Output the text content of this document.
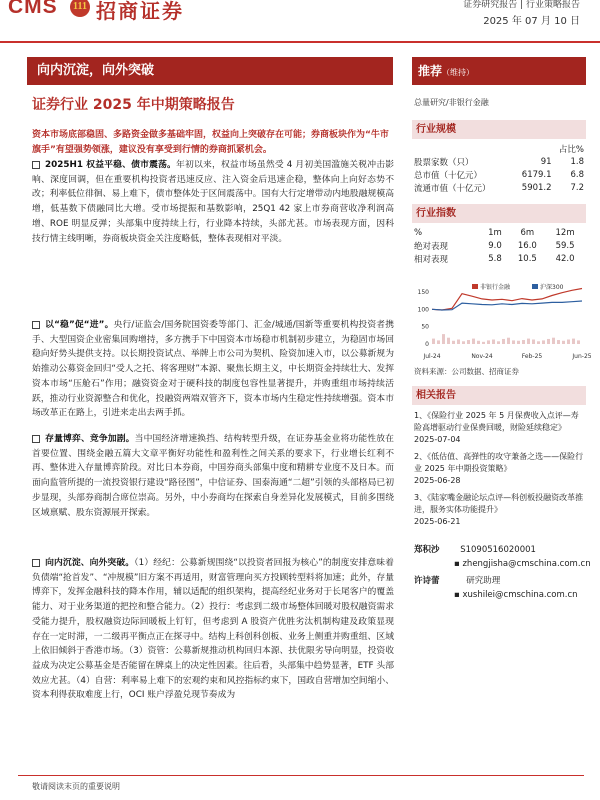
CMS	111 招商证券	证券研究报告 | 行业策略报告
2025 年 07 月 10 日
向内沉淀，向外突破
证券行业 2025 年中期策略报告
资本市场底部稳固、多路资金做多基础牢固，权益向上突破存在可能；券商板块作为“牛市旗手”有望强势领涨，建议没有享受到行情的券商抓紧机会。
2025H1 权益平稳、债市震荡。年初以来，权益市场虽然受 4 月初美国滥施关税冲击影响、深度回调，但在重要机构投资者迅速反应、注入资金后迅速企稳，整体向上向好态势不改；利率低位徘徊、易上难下，债市整体处于区间震荡中。国有大行定增带动内地股融规模高增，低基数下债融同比大增。受市场提振和基数影响，25Q1 42 家上市券商营收净利润高增、ROE 明显反弹；头部集中度持续上行，行业降本持续，头部尤甚。市场表现方面，因科技行情主线明晰，券商板块资金关注度略低，整体表现相对平淡。
以“稳”促“进”。央行/证监会/国务院国资委等部门、汇金/城通/国新等重要机构投资者携手、大型国资企业密集回购增持，多方携手下中国资本市场稳市机制初步建立，为稳固市场回稳向好势头提供支持。以长期投资试点、举牌上市公司为契机、险资加速入市，以公募新规为始推动公募资金回归“受人之托、将客理财”本源、聚焦长期主义，中长期资金持续壮大、发挥资本市场“压舱石”作用；融资资金对于硬科技的制度包容性显著提升，并购重组市场持续活跃，推动行业资源整合和优化，投融资两端双管齐下，资本市场内生稳定性持续增强。资本市场改革正在路上，引进来走出去两手抓。
存量博弈、竞争加剧。当中国经济增速换挡、结构转型升级，在证券基金业将功能性放在首要位置、围绕金融五篇大文章平衡好功能性和盈利性之间关系的要求下，行业增长红利不再、整体进入存量博弈阶段。对比日本券商，中国券商头部集中度和精耕专业度不及日本。而面向监管所提的一流投资银行建设“路径图”，中信证券、国泰海通“二超”引领的头部格局已初步显现，头部券商制合席位崇高。另外，中小券商均在探索自身差异化发展模式，目前多围绕区域禀赋、股东资源展开探索。
向内沉淀、向外突破。（1）经纪：公募新规围绕“以投资者回报为核心”的制度安排意味着负债端“抢首发”、“冲规模”旧方案不再适用，财富管理向买方投顾转型料将加速；此外，存量博弈下，发挥金融科技的降本作用，辅以适配的组织架构，提高经纪业务对于长尾客户的覆盖能力、对于业务渠道的把控和整合能力。（2）投行：考虑到二级市场整体回暖对股权融资需求受能力提升，股权融资边际回暖板上钉钉，但考虑到 A 股资产优胜劣汰机制构建及政策显现存在一定时滞，一二级再平衡点正在探寻中。结构上科创科创板、业务上侧重并购重组、区域上依旧倾斜于香港市场。（3）资管：公募新规推动机构回归本源、扶优限劣导向明显，投资收益成为决定公募基金是否能留在牌桌上的决定性因素。往后看，头部集中趋势显著，ETF 头部效应尤甚。（4）自营：利率易上难下的宏观约束和风控指标约束下，国政自营增加空间缩小、资本利得获取难度上行，OCI 账户浮盈兑现节奏成为
推荐（维持）
总量研究/非银行金融
行业规模
		占比%
股票家数（只）	91	1.8
总市值（十亿元）	6179.1	6.8
流通市值（十亿元）	5901.2	7.2
行业指数
%	1m	6m	12m
绝对表现	9.0	16.0	59.5
相对表现	5.8	10.5	42.0
150
100
50
0
Jul-24	Nov-24	Feb-25	Jun-25
非银行金融	沪深300
资料来源：公司数据、招商证券
相关报告
1、《保险行业 2025 年 5 月保费收入点评—寿险高增驱动行业保费回暖，财险延续稳定》
2025-07-04
2、《低估值、高弹性的攻守兼备之选——保险行业 2025 年中期投资策略》
2025-06-28
3、《陆家嘴金融论坛点评—科创板投融资改革推进，服务实体功能提升》
2025-06-21
郑积沙 S1090516020001
▪ zhengjisha@cmschina.com.cn
许诗蕾	研究助理
▪ xushilei@cmschina.com.cn
敬请阅读末页的重要说明
